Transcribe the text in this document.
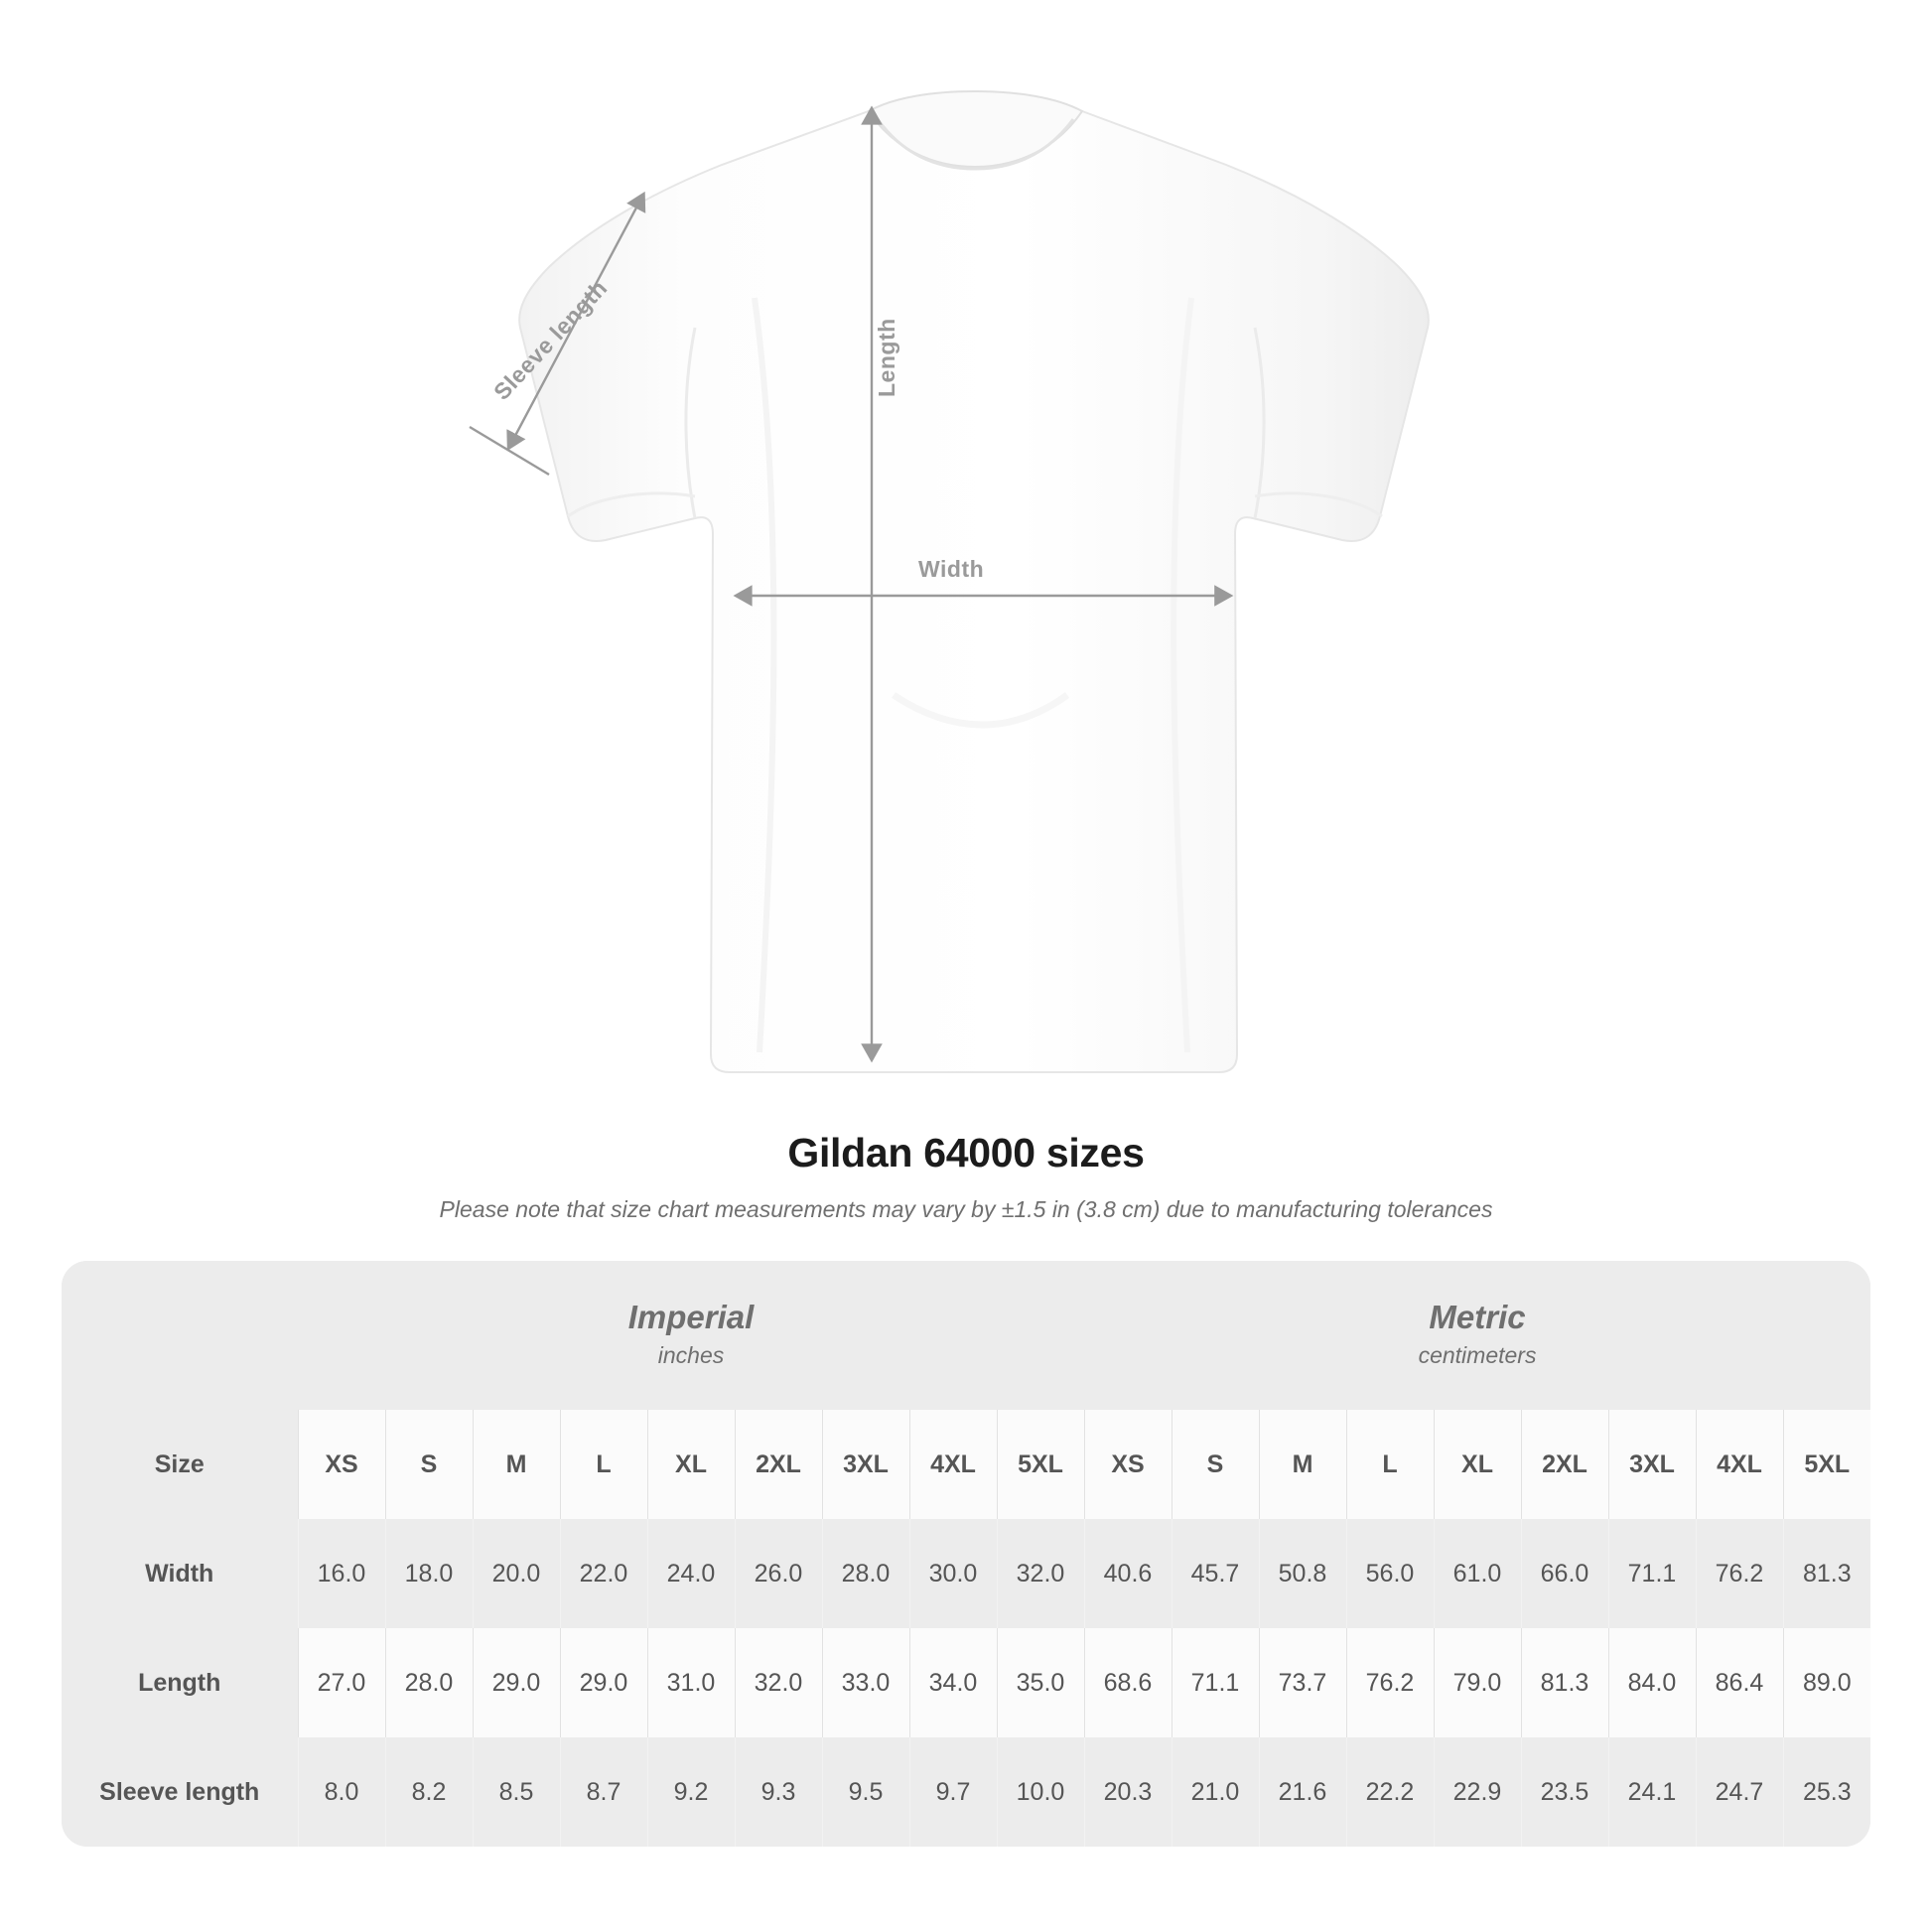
Width
Length
Sleeve length
Gildan 64000 sizes
Please note that size chart measurements may vary by ±1.5 in (3.8 cm) due to manufacturing tolerances

	Imperial
inches									Metric
centimeters								

Size	XS	S	M	L	XL	2XL	3XL	4XL	5XL	XS	S	M	L	XL	2XL	3XL	4XL	5XL
Width	16.0	18.0	20.0	22.0	24.0	26.0	28.0	30.0	32.0	40.6	45.7	50.8	56.0	61.0	66.0	71.1	76.2	81.3
Length	27.0	28.0	29.0	29.0	31.0	32.0	33.0	34.0	35.0	68.6	71.1	73.7	76.2	79.0	81.3	84.0	86.4	89.0
Sleeve length	8.0	8.2	8.5	8.7	9.2	9.3	9.5	9.7	10.0	20.3	21.0	21.6	22.2	22.9	23.5	24.1	24.7	25.3
